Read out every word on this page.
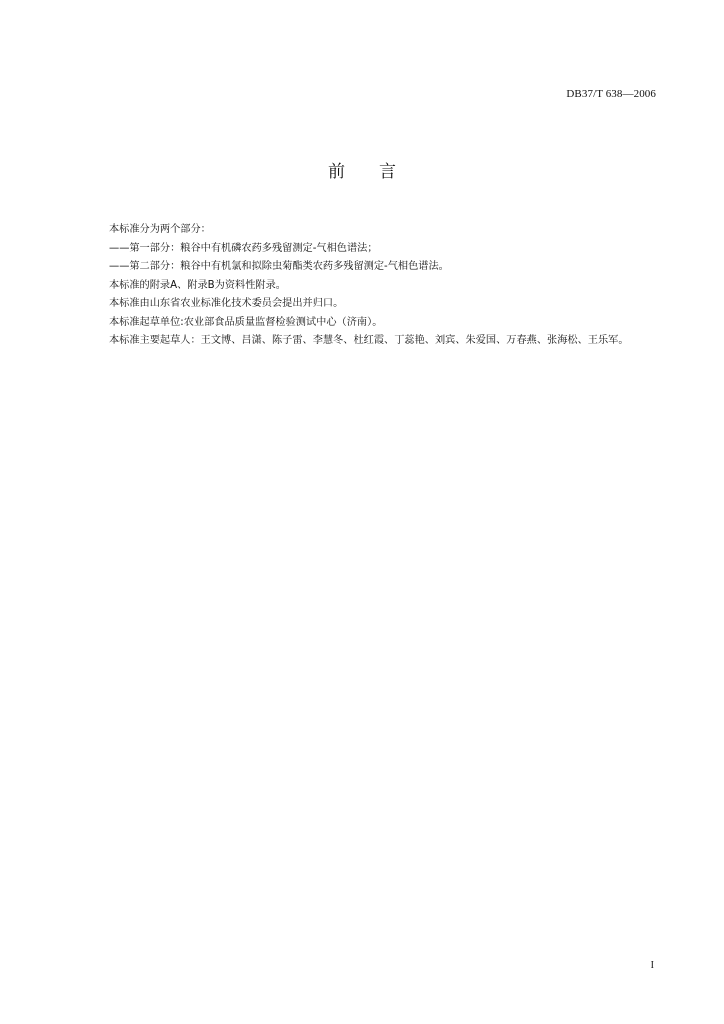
DB37/T 638—2006
前 言

本标准分为两个部分：

——第一部分：粮谷中有机磷农药多残留测定-气相色谱法；

——第二部分：粮谷中有机氯和拟除虫菊酯类农药多残留测定-气相色谱法。

本标准的附录A、附录B为资料性附录。

本标准由山东省农业标准化技术委员会提出并归口。

本标准起草单位:农业部食品质量监督检验测试中心（济南）。

本标准主要起草人：王文博、吕潇、陈子雷、李慧冬、杜红霞、丁蕊艳、刘宾、朱爱国、万春燕、张海松、王乐军。

I
